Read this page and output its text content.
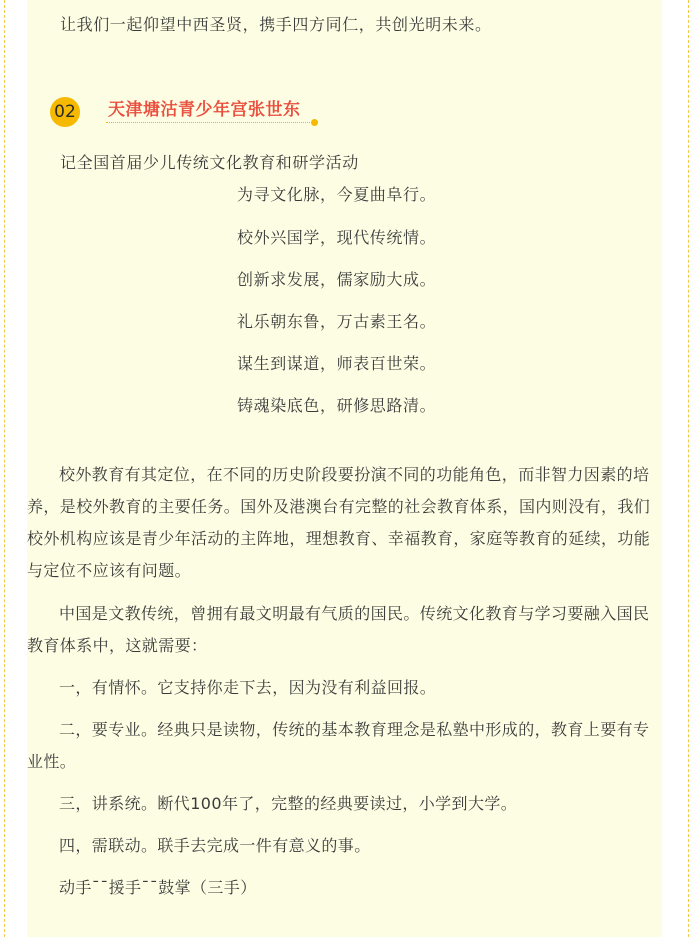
让我们一起仰望中西圣贤，携手四方同仁，共创光明未来。
02 天津塘沽青少年宫张世东
记全国首届少儿传统文化教育和研学活动
为寻文化脉，今夏曲阜行。
校外兴国学，现代传统情。
创新求发展，儒家励大成。
礼乐朝东鲁，万古素王名。
谋生到谋道，师表百世荣。
铸魂染底色，研修思路清。
校外教育有其定位，在不同的历史阶段要扮演不同的功能角色，而非智力因素的培养，是校外教育的主要任务。国外及港澳台有完整的社会教育体系，国内则没有，我们校外机构应该是青少年活动的主阵地，理想教育、幸福教育，家庭等教育的延续，功能与定位不应该有问题。
中国是文教传统，曾拥有最文明最有气质的国民。传统文化教育与学习要融入国民教育体系中，这就需要：
一，有情怀。它支持你走下去，因为没有利益回报。
二，要专业。经典只是读物，传统的基本教育理念是私塾中形成的，教育上要有专业性。
三，讲系统。断代100年了，完整的经典要读过，小学到大学。
四，需联动。联手去完成一件有意义的事。
动手¯¯援手¯¯鼓掌（三手）
